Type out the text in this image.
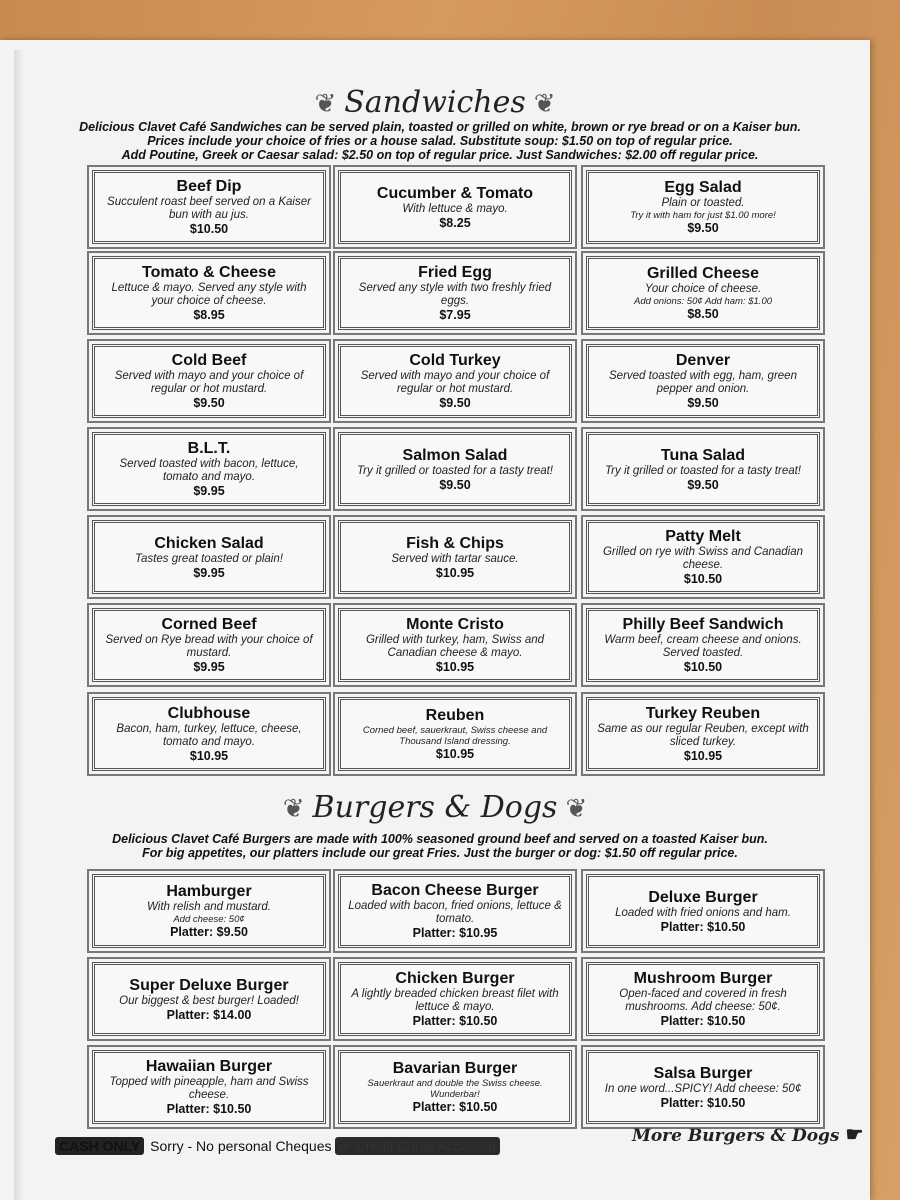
❦ Sandwiches ❦
Delicious Clavet Café Sandwiches can be served plain, toasted or grilled on white, brown or rye bread or on a Kaiser bun.
Prices include your choice of fries or a house salad. Substitute soup: $1.50 on top of regular price.
Add Poutine, Greek or Caesar salad: $2.50 on top of regular price. Just Sandwiches: $2.00 off regular price.
Beef Dip
Succulent roast beef served on a Kaiser bun with au jus.
$10.50
Cucumber & Tomato
With lettuce & mayo.
$8.25
Egg Salad
Plain or toasted.
Try it with ham for just $1.00 more!
$9.50
Tomato & Cheese
Lettuce & mayo. Served any style with your choice of cheese.
$8.95
Fried Egg
Served any style with two freshly fried eggs.
$7.95
Grilled Cheese
Your choice of cheese.
Add onions: 50¢ Add ham: $1.00
$8.50
Cold Beef
Served with mayo and your choice of regular or hot mustard.
$9.50
Cold Turkey
Served with mayo and your choice of regular or hot mustard.
$9.50
Denver
Served toasted with egg, ham, green pepper and onion.
$9.50
B.L.T.
Served toasted with bacon, lettuce, tomato and mayo.
$9.95
Salmon Salad
Try it grilled or toasted for a tasty treat!
$9.50
Tuna Salad
Try it grilled or toasted for a tasty treat!
$9.50
Chicken Salad
Tastes great toasted or plain!
$9.95
Fish & Chips
Served with tartar sauce.
$10.95
Patty Melt
Grilled on rye with Swiss and Canadian cheese.
$10.50
Corned Beef
Served on Rye bread with your choice of mustard.
$9.95
Monte Cristo
Grilled with turkey, ham, Swiss and Canadian cheese & mayo.
$10.95
Philly Beef Sandwich
Warm beef, cream cheese and onions. Served toasted.
$10.50
Clubhouse
Bacon, ham, turkey, lettuce, cheese, tomato and mayo.
$10.95
Reuben
Corned beef, sauerkraut, Swiss cheese and Thousand Island dressing.
$10.95
Turkey Reuben
Same as our regular Reuben, except with sliced turkey.
$10.95
❦ Burgers & Dogs ❦
Delicious Clavet Café Burgers are made with 100% seasoned ground beef and served on a toasted Kaiser bun.
For big appetites, our platters include our great Fries. Just the burger or dog: $1.50 off regular price.
Hamburger
With relish and mustard.
Add cheese: 50¢
Platter: $9.50
Bacon Cheese Burger
Loaded with bacon, fried onions, lettuce & tomato.
Platter: $10.95
Deluxe Burger
Loaded with fried onions and ham.
Platter: $10.50
Super Deluxe Burger
Our biggest & best burger! Loaded!
Platter: $14.00
Chicken Burger
A lightly breaded chicken breast filet with lettuce & mayo.
Platter: $10.50
Mushroom Burger
Open-faced and covered in fresh mushrooms. Add cheese: 50¢.
Platter: $10.50
Hawaiian Burger
Topped with pineapple, ham and Swiss cheese.
Platter: $10.50
Bavarian Burger
Sauerkraut and double the Swiss cheese. Wunderbar!
Platter: $10.50
Salsa Burger
In one word...SPICY! Add cheese: 50¢
Platter: $10.50
CASH ONLY Sorry - No personal Cheques or Credit Cards Accepted	More Burgers & Dogs ☛
